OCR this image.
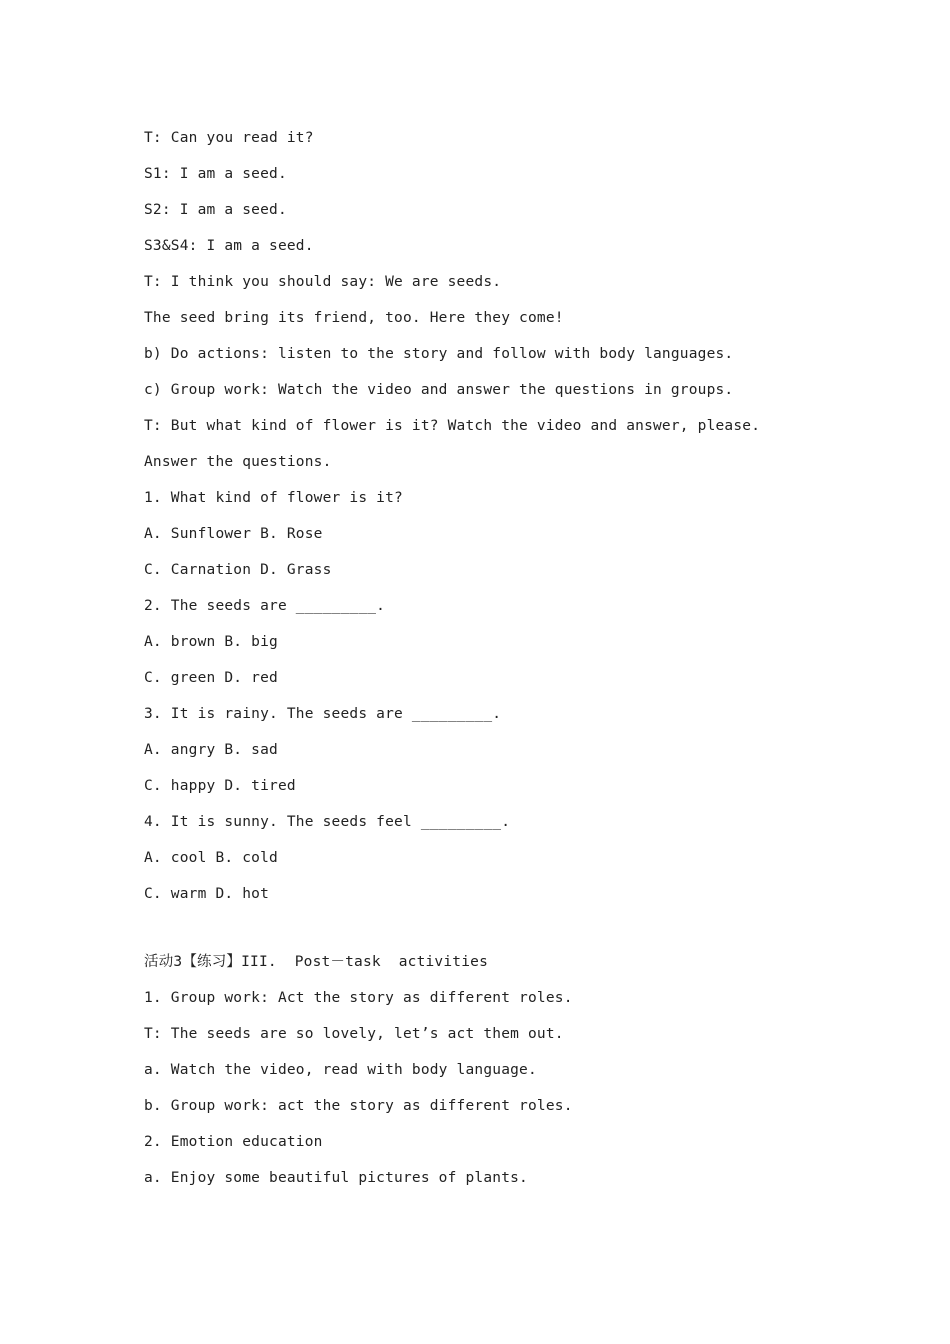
T: Can you read it?
S1: I am a seed.
S2: I am a seed.
S3&S4: I am a seed.
T: I think you should say: We are seeds.
The seed bring its friend, too. Here they come!
b) Do actions: listen to the story and follow with body languages.
c) Group work: Watch the video and answer the questions in groups.
T: But what kind of flower is it? Watch the video and answer, please.
Answer the questions.
1. What kind of flower is it?
A. Sunflower B. Rose
C. Carnation D. Grass
2. The seeds are _________.
A. brown B. big
C. green D. red
3. It is rainy. The seeds are _________.
A. angry B. sad
C. happy D. tired
4. It is sunny. The seeds feel _________.
A. cool B. cold
C. warm D. hot
活动3【练习】III.  Post－task  activities
1. Group work: Act the story as different roles.
T: The seeds are so lovely, let’s act them out.
a. Watch the video, read with body language.
b. Group work: act the story as different roles.
2. Emotion education
a. Enjoy some beautiful pictures of plants.
